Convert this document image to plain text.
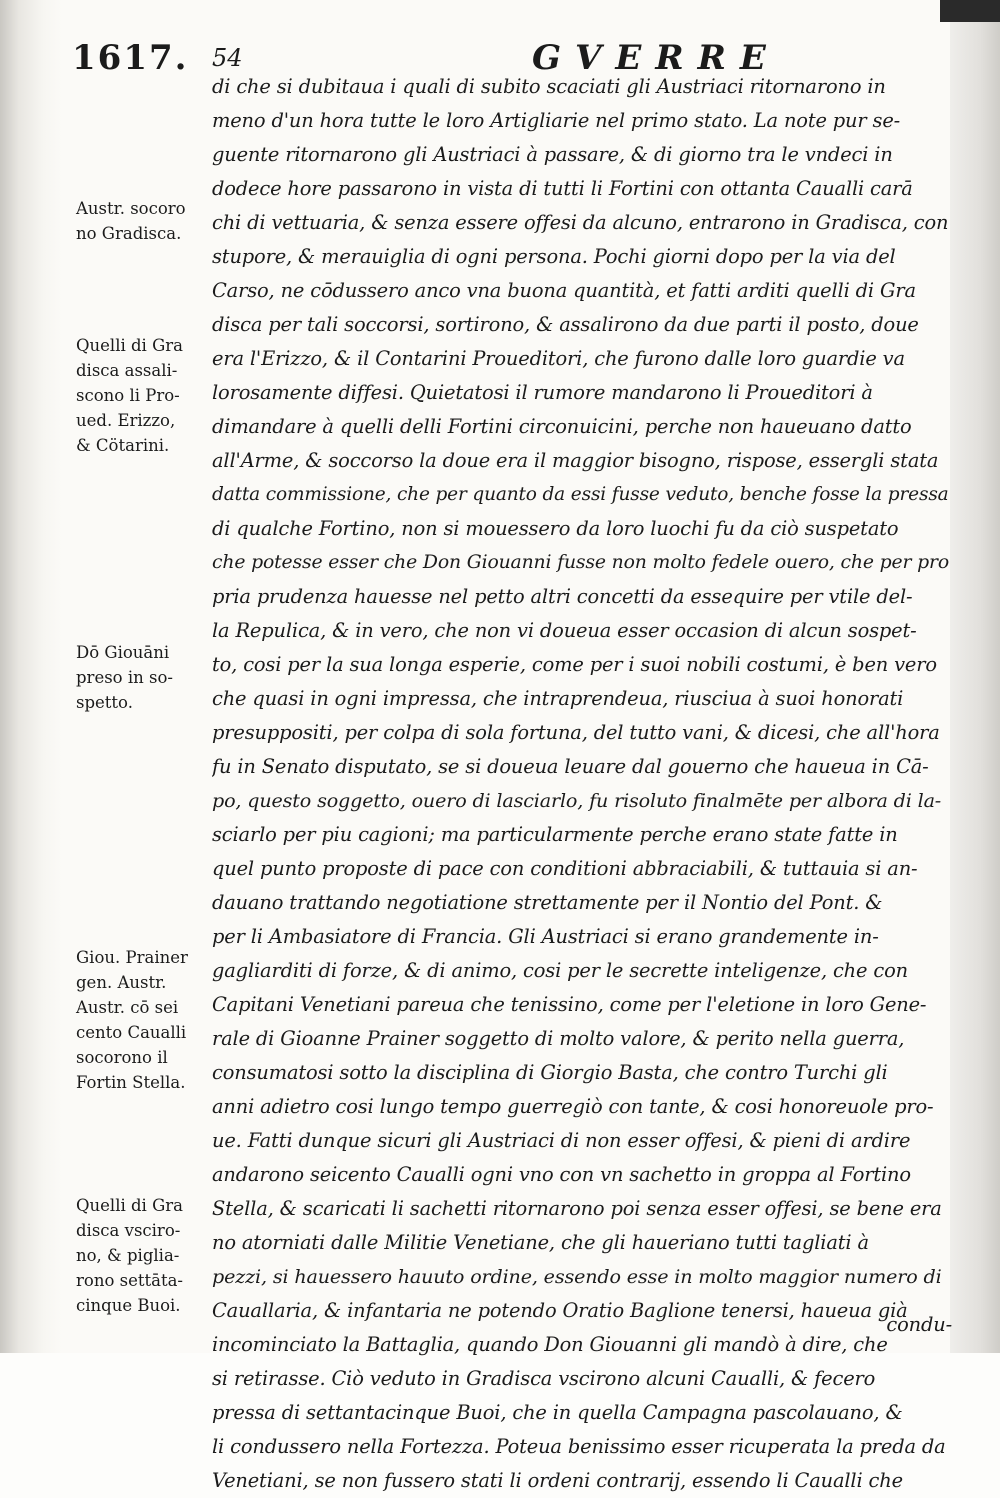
1617. 54	GVERRE
Austr. socoro
no Gradisca.
Quelli di Gra
disca assali-
scono li Pro-
ued. Erizzo,
& Cötarini.
Dō Giouāni
preso in so-
spetto.
Giou. Prainer
gen. Austr.
Austr. cō sei
cento Caualli
socorono il
Fortin Stella.
Quelli di Gra
disca vsciro-
no, & piglia-
rono settāta-
cinque Buoi.
di che si dubitaua i quali di subito scaciati gli Austriaci ritornarono in
meno d'un hora tutte le loro Artigliarie nel primo stato. La note pur se-
guente ritornarono gli Austriaci à passare, & di giorno tra le vndeci in
dodece hore passarono in vista di tutti li Fortini con ottanta Caualli carā
chi di vettuaria, & senza essere offesi da alcuno, entrarono in Gradisca, con
stupore, & merauiglia di ogni persona. Pochi giorni dopo per la via del
Carso, ne cōdussero anco vna buona quantità, et fatti arditi quelli di Gra
disca per tali soccorsi, sortirono, & assalirono da due parti il posto, doue
era l'Erizzo, & il Contarini Proueditori, che furono dalle loro guardie va
lorosamente diffesi. Quietatosi il rumore mandarono li Proueditori à
dimandare à quelli delli Fortini circonuicini, perche non haueuano datto
all'Arme, & soccorso la doue era il maggior bisogno, rispose, essergli stata
datta commissione, che per quanto da essi fusse veduto, benche fosse la pressa
di qualche Fortino, non si mouessero da loro luochi fu da ciò suspetato
che potesse esser che Don Giouanni fusse non molto fedele ouero, che per pro
pria prudenza hauesse nel petto altri concetti da essequire per vtile del-
la Repulica, & in vero, che non vi doueua esser occasion di alcun sospet-
to, cosi per la sua longa esperie, come per i suoi nobili costumi, è ben vero
che quasi in ogni impressa, che intraprendeua, riusciua à suoi honorati
presuppositi, per colpa di sola fortuna, del tutto vani, & dicesi, che all'hora
fu in Senato disputato, se si doueua leuare dal gouerno che haueua in Cā-
po, questo soggetto, ouero di lasciarlo, fu risoluto finalmēte per albora di la-
sciarlo per piu cagioni; ma particularmente perche erano state fatte in
quel punto proposte di pace con conditioni abbraciabili, & tuttauia si an-
dauano trattando negotiatione strettamente per il Nontio del Pont. &
per li Ambasiatore di Francia. Gli Austriaci si erano grandemente in-
gagliarditi di forze, & di animo, cosi per le secrette inteligenze, che con
Capitani Venetiani pareua che tenissino, come per l'eletione in loro Gene-
rale di Gioanne Prainer soggetto di molto valore, & perito nella guerra,
consumatosi sotto la disciplina di Giorgio Basta, che contro Turchi gli
anni adietro cosi lungo tempo guerregiò con tante, & cosi honoreuole pro-
ue. Fatti dunque sicuri gli Austriaci di non esser offesi, & pieni di ardire
andarono seicento Caualli ogni vno con vn sachetto in groppa al Fortino
Stella, & scaricati li sachetti ritornarono poi senza esser offesi, se bene era
no atorniati dalle Militie Venetiane, che gli haueriano tutti tagliati à
pezzi, si hauessero hauuto ordine, essendo esse in molto maggior numero di
Cauallaria, & infantaria ne potendo Oratio Baglione tenersi, haueua già
incominciato la Battaglia, quando Don Giouanni gli mandò à dire, che
si retirasse. Ciò veduto in Gradisca vscirono alcuni Caualli, & fecero
pressa di settantacinque Buoi, che in quella Campagna pascolauano, &
li condussero nella Fortezza. Poteua benissimo esser ricuperata la preda da
Venetiani, se non fussero stati li ordeni contrarij, essendo li Caualli che
condu-
